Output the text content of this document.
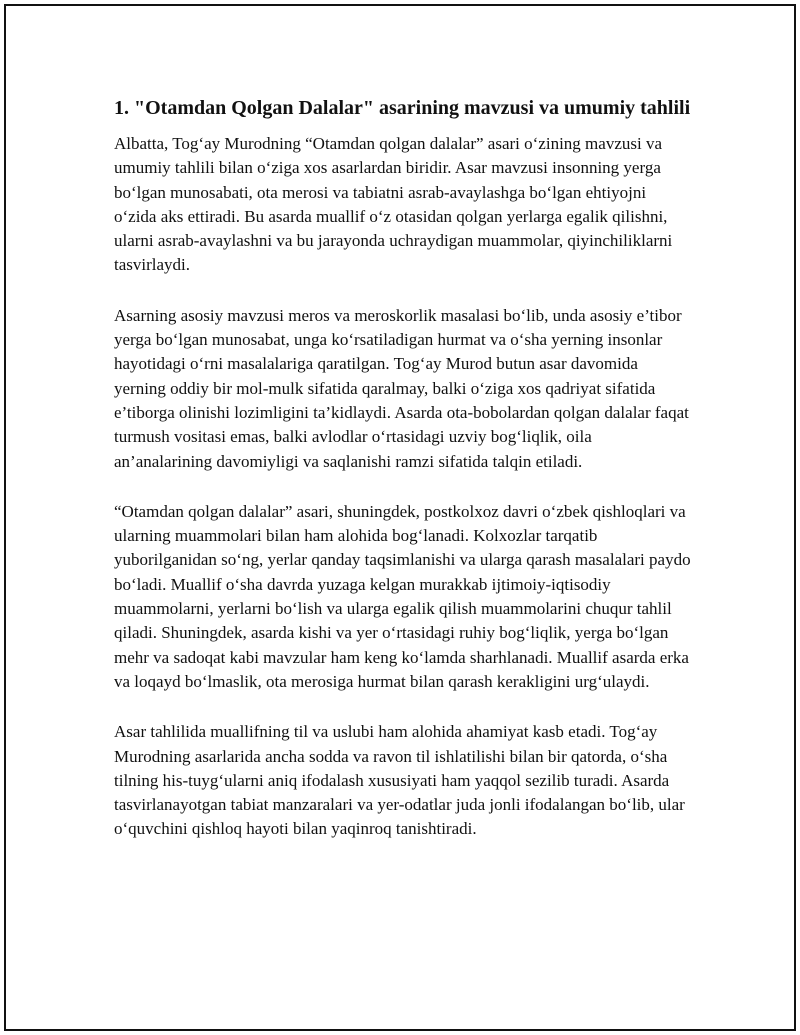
1. "Otamdan Qolgan Dalalar" asarining mavzusi va umumiy tahlili

Albatta, Tog‘ay Murodning “Otamdan qolgan dalalar” asari o‘zining mavzusi va umumiy tahlili bilan o‘ziga xos asarlardan biridir. Asar mavzusi insonning yerga bo‘lgan munosabati, ota merosi va tabiatni asrab-avaylashga bo‘lgan ehtiyojni o‘zida aks ettiradi. Bu asarda muallif o‘z otasidan qolgan yerlarga egalik qilishni, ularni asrab-avaylashni va bu jarayonda uchraydigan muammolar, qiyinchiliklarni tasvirlaydi.

Asarning asosiy mavzusi meros va meroskorlik masalasi bo‘lib, unda asosiy e’tibor yerga bo‘lgan munosabat, unga ko‘rsatiladigan hurmat va o‘sha yerning insonlar hayotidagi o‘rni masalalariga qaratilgan. Tog‘ay Murod butun asar davomida yerning oddiy bir mol-mulk sifatida qaralmay, balki o‘ziga xos qadriyat sifatida e’tiborga olinishi lozimligini ta’kidlaydi. Asarda ota-bobolardan qolgan dalalar faqat turmush vositasi emas, balki avlodlar o‘rtasidagi uzviy bog‘liqlik, oila an’analarining davomiyligi va saqlanishi ramzi sifatida talqin etiladi.

“Otamdan qolgan dalalar” asari, shuningdek, postkolxoz davri o‘zbek qishloqlari va ularning muammolari bilan ham alohida bog‘lanadi. Kolxozlar tarqatib yuborilganidan so‘ng, yerlar qanday taqsimlanishi va ularga qarash masalalari paydo bo‘ladi. Muallif o‘sha davrda yuzaga kelgan murakkab ijtimoiy-iqtisodiy muammolarni, yerlarni bo‘lish va ularga egalik qilish muammolarini chuqur tahlil qiladi. Shuningdek, asarda kishi va yer o‘rtasidagi ruhiy bog‘liqlik, yerga bo‘lgan mehr va sadoqat kabi mavzular ham keng ko‘lamda sharhlanadi. Muallif asarda erka va loqayd bo‘lmaslik, ota merosiga hurmat bilan qarash kerakligini urg‘ulaydi.

Asar tahlilida muallifning til va uslubi ham alohida ahamiyat kasb etadi. Tog‘ay Murodning asarlarida ancha sodda va ravon til ishlatilishi bilan bir qatorda, o‘sha tilning his-tuyg‘ularni aniq ifodalash xususiyati ham yaqqol sezilib turadi. Asarda tasvirlanayotgan tabiat manzaralari va yer-odatlar juda jonli ifodalangan bo‘lib, ular o‘quvchini qishloq hayoti bilan yaqinroq tanishtiradi.
